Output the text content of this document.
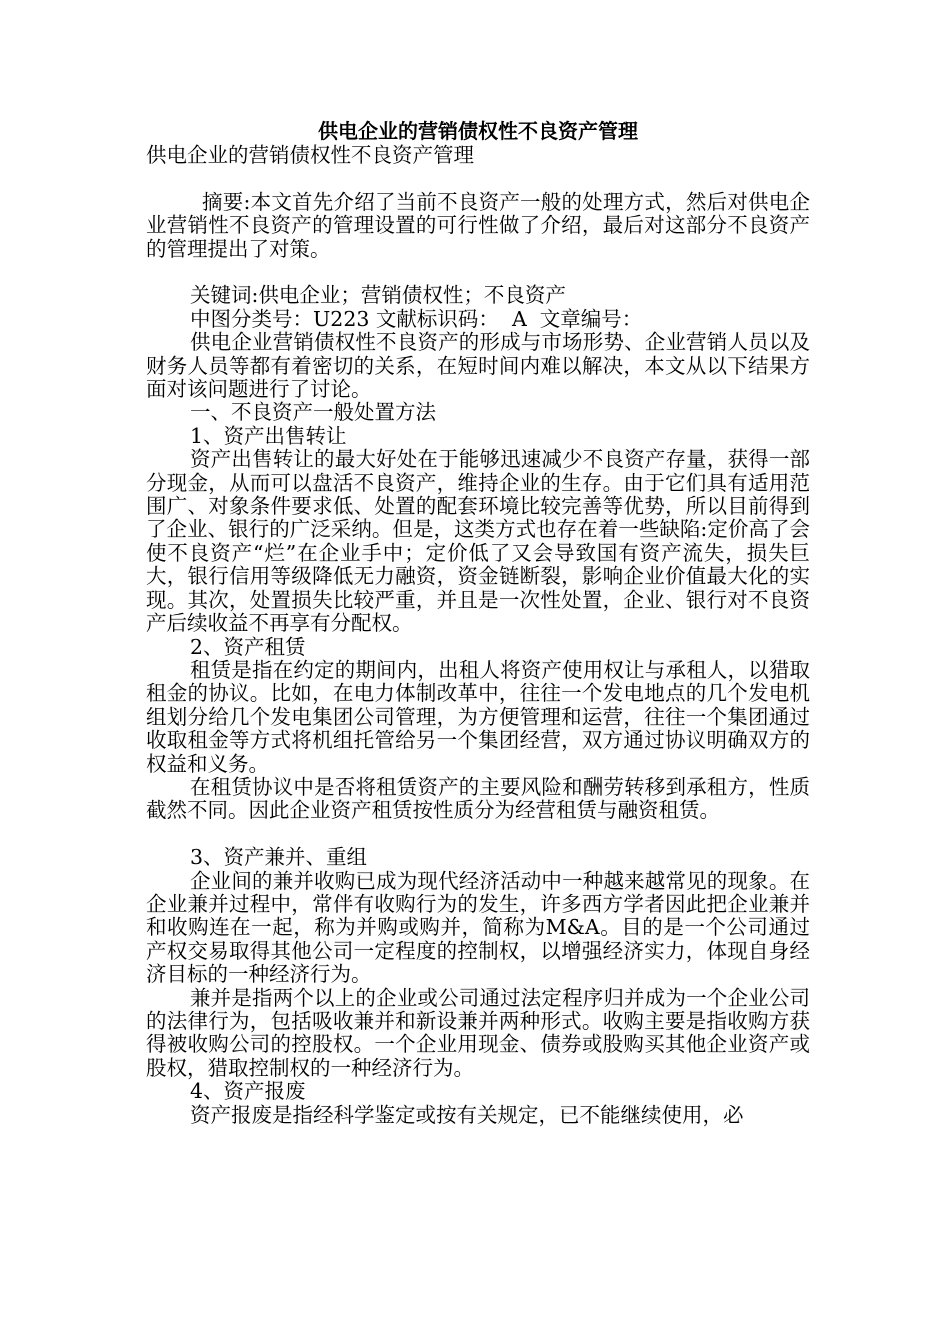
供电企业的营销债权性不良资产管理

供电企业的营销债权性不良资产管理

摘要:本文首先介绍了当前不良资产一般的处理方式，然后对供电企业营销性不良资产的管理设置的可行性做了介绍，最后对这部分不良资产的管理提出了对策。

关键词:供电企业；营销债权性；不良资产

中图分类号：U223 文献标识码：  A  文章编号：

供电企业营销债权性不良资产的形成与市场形势、企业营销人员以及财务人员等都有着密切的关系，在短时间内难以解决，本文从以下结果方面对该问题进行了讨论。

一、不良资产一般处置方法

1、资产出售转让

资产出售转让的最大好处在于能够迅速减少不良资产存量，获得一部分现金，从而可以盘活不良资产，维持企业的生存。由于它们具有适用范围广、对象条件要求低、处置的配套环境比较完善等优势，所以目前得到了企业、银行的广泛采纳。但是，这类方式也存在着一些缺陷:定价高了会使不良资产“烂”在企业手中；定价低了又会导致国有资产流失，损失巨大，银行信用等级降低无力融资，资金链断裂，影响企业价值最大化的实现。其次，处置损失比较严重，并且是一次性处置，企业、银行对不良资产后续收益不再享有分配权。

2、资产租赁

租赁是指在约定的期间内，出租人将资产使用权让与承租人，以猎取租金的协议。比如，在电力体制改革中，往往一个发电地点的几个发电机组划分给几个发电集团公司管理，为方便管理和运营，往往一个集团通过收取租金等方式将机组托管给另一个集团经营，双方通过协议明确双方的权益和义务。

在租赁协议中是否将租赁资产的主要风险和酬劳转移到承租方，性质截然不同。因此企业资产租赁按性质分为经营租赁与融资租赁。

3、资产兼并、重组

企业间的兼并收购已成为现代经济活动中一种越来越常见的现象。在企业兼并过程中，常伴有收购行为的发生，许多西方学者因此把企业兼并和收购连在一起，称为并购或购并，简称为M&A。目的是一个公司通过产权交易取得其他公司一定程度的控制权，以增强经济实力，体现自身经济目标的一种经济行为。

兼并是指两个以上的企业或公司通过法定程序归并成为一个企业公司的法律行为，包括吸收兼并和新设兼并两种形式。收购主要是指收购方获得被收购公司的控股权。一个企业用现金、债券或股购买其他企业资产或股权，猎取控制权的一种经济行为。

4、资产报废

资产报废是指经科学鉴定或按有关规定，已不能继续使用，必
